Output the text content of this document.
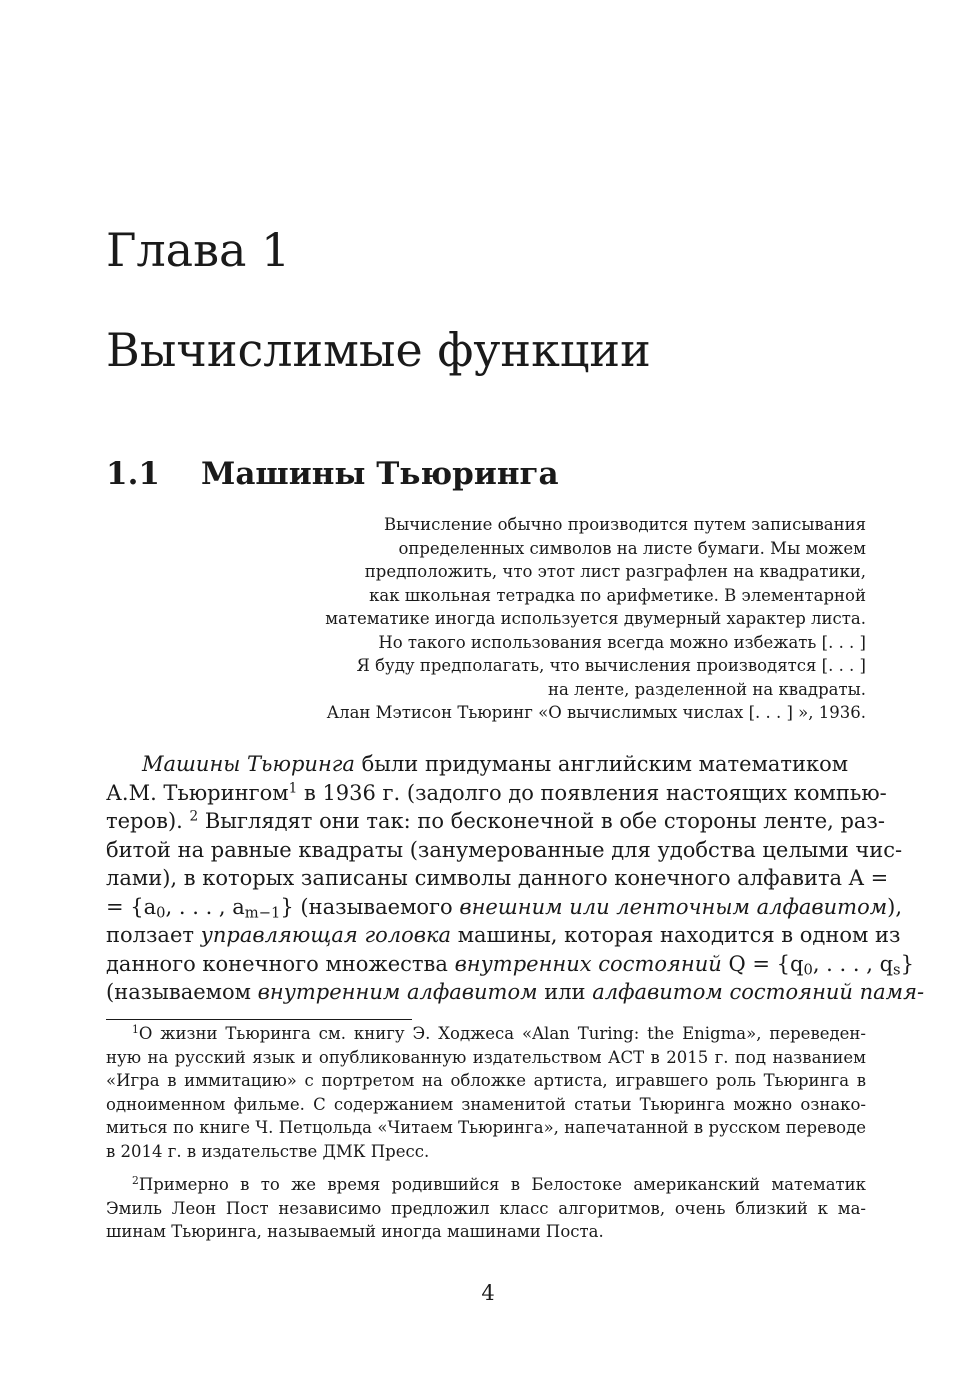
Глава 1
Вычислимые функции
1.1 Машины Тьюринга
Вычисление обычно производится путем записывания
определенных символов на листе бумаги. Мы можем
предположить, что этот лист разграфлен на квадратики,
как школьная тетрадка по арифметике. В элементарной
математике иногда используется двумерный характер листа.
Но такого использования всегда можно избежать [. . . ]
Я буду предполагать, что вычисления производятся [. . . ]
на ленте, разделенной на квадраты.
Алан Мэтисон Тьюринг «О вычислимых числах [. . . ] », 1936.
Машины Тьюринга были придуманы английским математиком
А.М. Тьюрингом$^1$ в 1936 г. (задолго до появления настоящих компью-
теров). $^2$ Выглядят они так: по бесконечной в обе стороны ленте, раз-
битой на равные квадраты (занумерованные для удобства целыми чис-
лами), в которых записаны символы данного конечного алфавита A =
= {$a_0$, . . . , $a_{m-1}$} (называемого внешним или ленточным алфавитом),
ползает управляющая головка машины, которая находится в одном из
данного конечного множества внутренних состояний $Q = \{q_0$, . . . , $q_s$}
(называемом внутренним алфавитом или алфавитом состояний памя-
$^1$О жизни Тьюринга см. книгу Э. Ходжеса «Alan Turing: the Enigma», переведен-
ную на русский язык и опубликованную издательством АСТ в 2015 г. под названием
«Игра в иммитацию» с портретом на обложке артиста, игравшего роль Тьюринга в
одноименном фильме. С содержанием знаменитой статьи Тьюринга можно ознако-
миться по книге Ч. Петцольда «Читаем Тьюринга», напечатанной в русском переводе
в 2014 г. в издательстве ДМК Пресс.
$^2$Примерно в то же время родившийся в Белостоке американский математик
Эмиль Леон Пост независимо предложил класс алгоритмов, очень близкий к ма-
шинам Тьюринга, называемый иногда машинами Поста.
4
